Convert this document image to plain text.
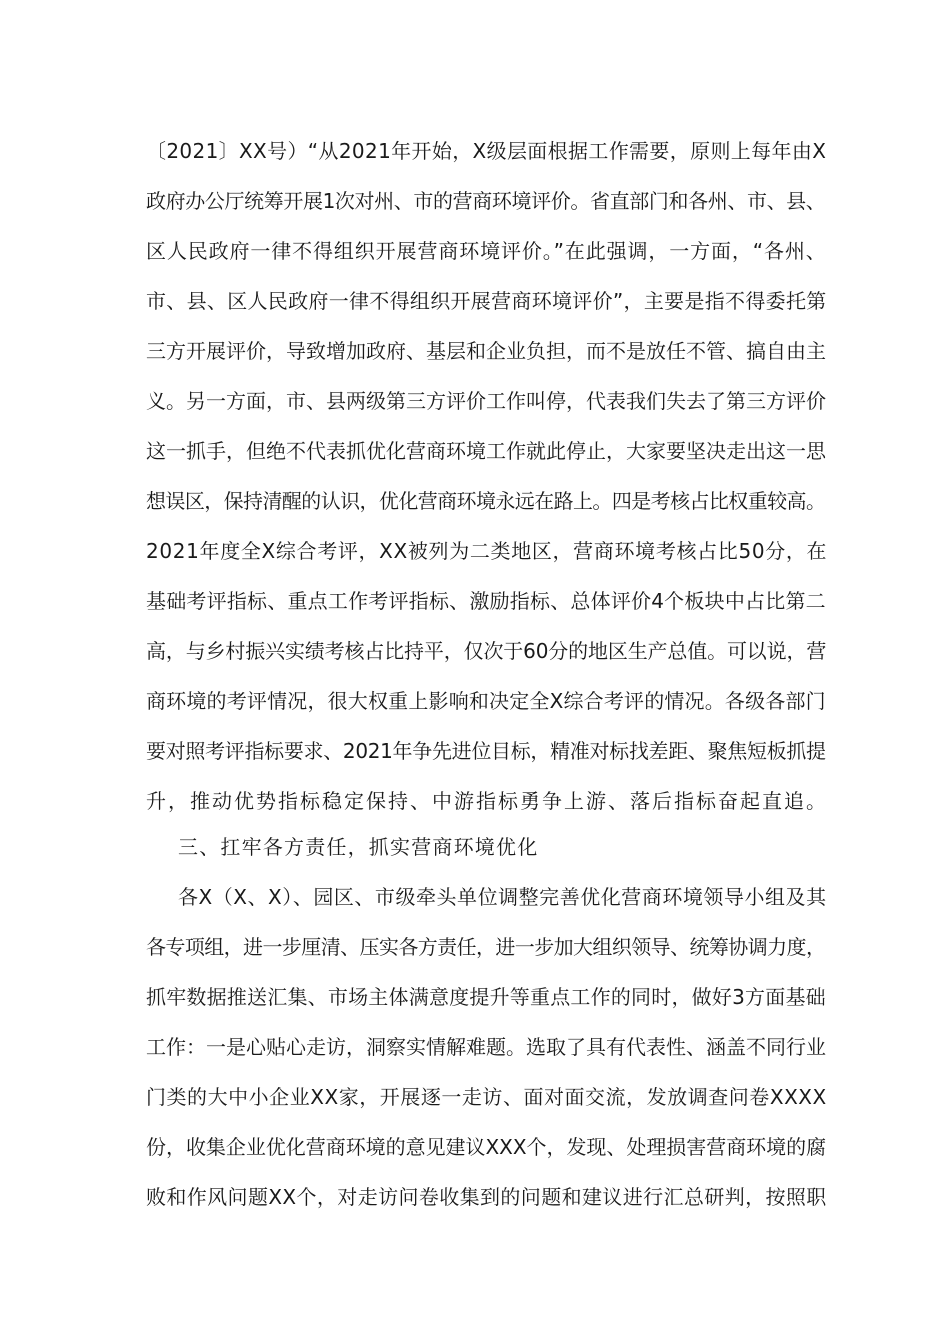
〔2021〕XX号）“从2021年开始，X级层面根据工作需要，原则上每年由X

政府办公厅统筹开展1次对州、市的营商环境评价。省直部门和各州、市、县、

区人民政府一律不得组织开展营商环境评价。”在此强调，一方面，“各州、

市、县、区人民政府一律不得组织开展营商环境评价”，主要是指不得委托第

三方开展评价，导致增加政府、基层和企业负担，而不是放任不管、搞自由主

义。另一方面，市、县两级第三方评价工作叫停，代表我们失去了第三方评价

这一抓手，但绝不代表抓优化营商环境工作就此停止，大家要坚决走出这一思

想误区，保持清醒的认识，优化营商环境永远在路上。四是考核占比权重较高。

2021年度全X综合考评，XX被列为二类地区，营商环境考核占比50分，在

基础考评指标、重点工作考评指标、激励指标、总体评价4个板块中占比第二

高，与乡村振兴实绩考核占比持平，仅次于60分的地区生产总值。可以说，营

商环境的考评情况，很大权重上影响和决定全X综合考评的情况。各级各部门

要对照考评指标要求、2021年争先进位目标，精准对标找差距、聚焦短板抓提

升，推动优势指标稳定保持、中游指标勇争上游、落后指标奋起直追。

三、扛牢各方责任，抓实营商环境优化

各X（X、X）、园区、市级牵头单位调整完善优化营商环境领导小组及其

各专项组，进一步厘清、压实各方责任，进一步加大组织领导、统筹协调力度，

抓牢数据推送汇集、市场主体满意度提升等重点工作的同时，做好3方面基础

工作：一是心贴心走访，洞察实情解难题。选取了具有代表性、涵盖不同行业

门类的大中小企业XX家，开展逐一走访、面对面交流，发放调查问卷XXXX

份，收集企业优化营商环境的意见建议XXX个，发现、处理损害营商环境的腐

败和作风问题XX个，对走访问卷收集到的问题和建议进行汇总研判，按照职
